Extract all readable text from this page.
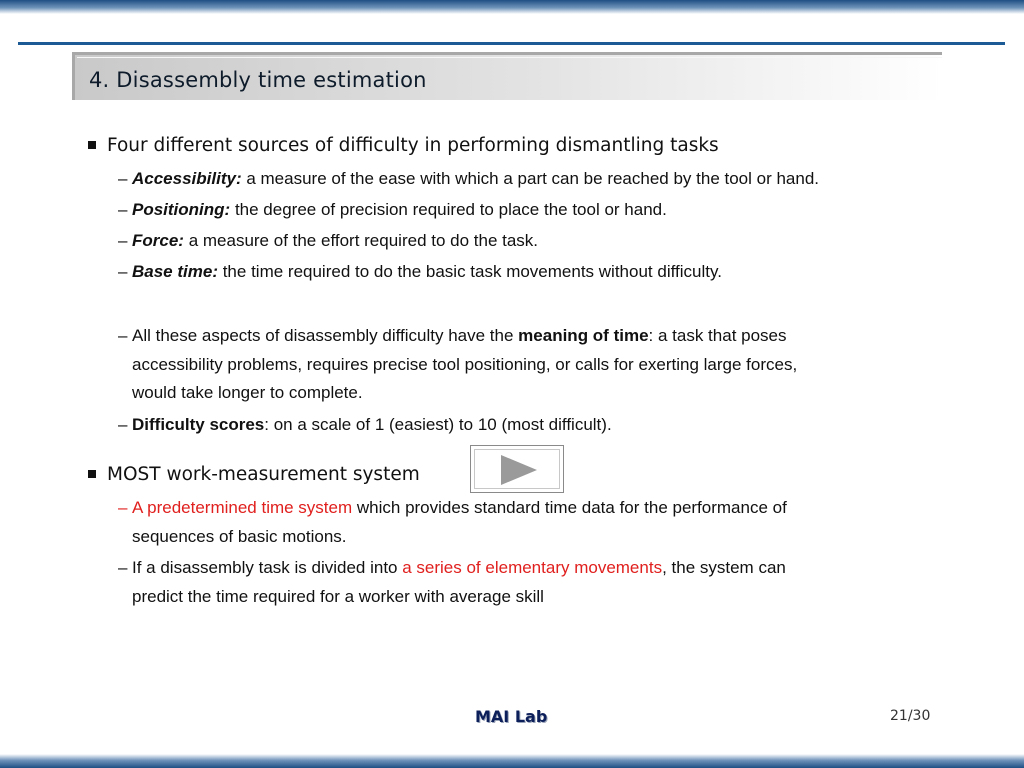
4. Disassembly time estimation
Four different sources of difficulty in performing dismantling tasks
– Accessibility: a measure of the ease with which a part can be reached by the tool or hand.
– Positioning: the degree of precision required to place the tool or hand.
– Force: a measure of the effort required to do the task.
– Base time: the time required to do the basic task movements without difficulty.
– All these aspects of disassembly difficulty have the meaning of time: a task that poses
accessibility problems, requires precise tool positioning, or calls for exerting large forces,
would take longer to complete.
– Difficulty scores: on a scale of 1 (easiest) to 10 (most difficult).
MOST work-measurement system
– A predetermined time system which provides standard time data for the performance of
sequences of basic motions.
– If a disassembly task is divided into a series of elementary movements, the system can
predict the time required for a worker with average skill
MAI Lab	21/30
